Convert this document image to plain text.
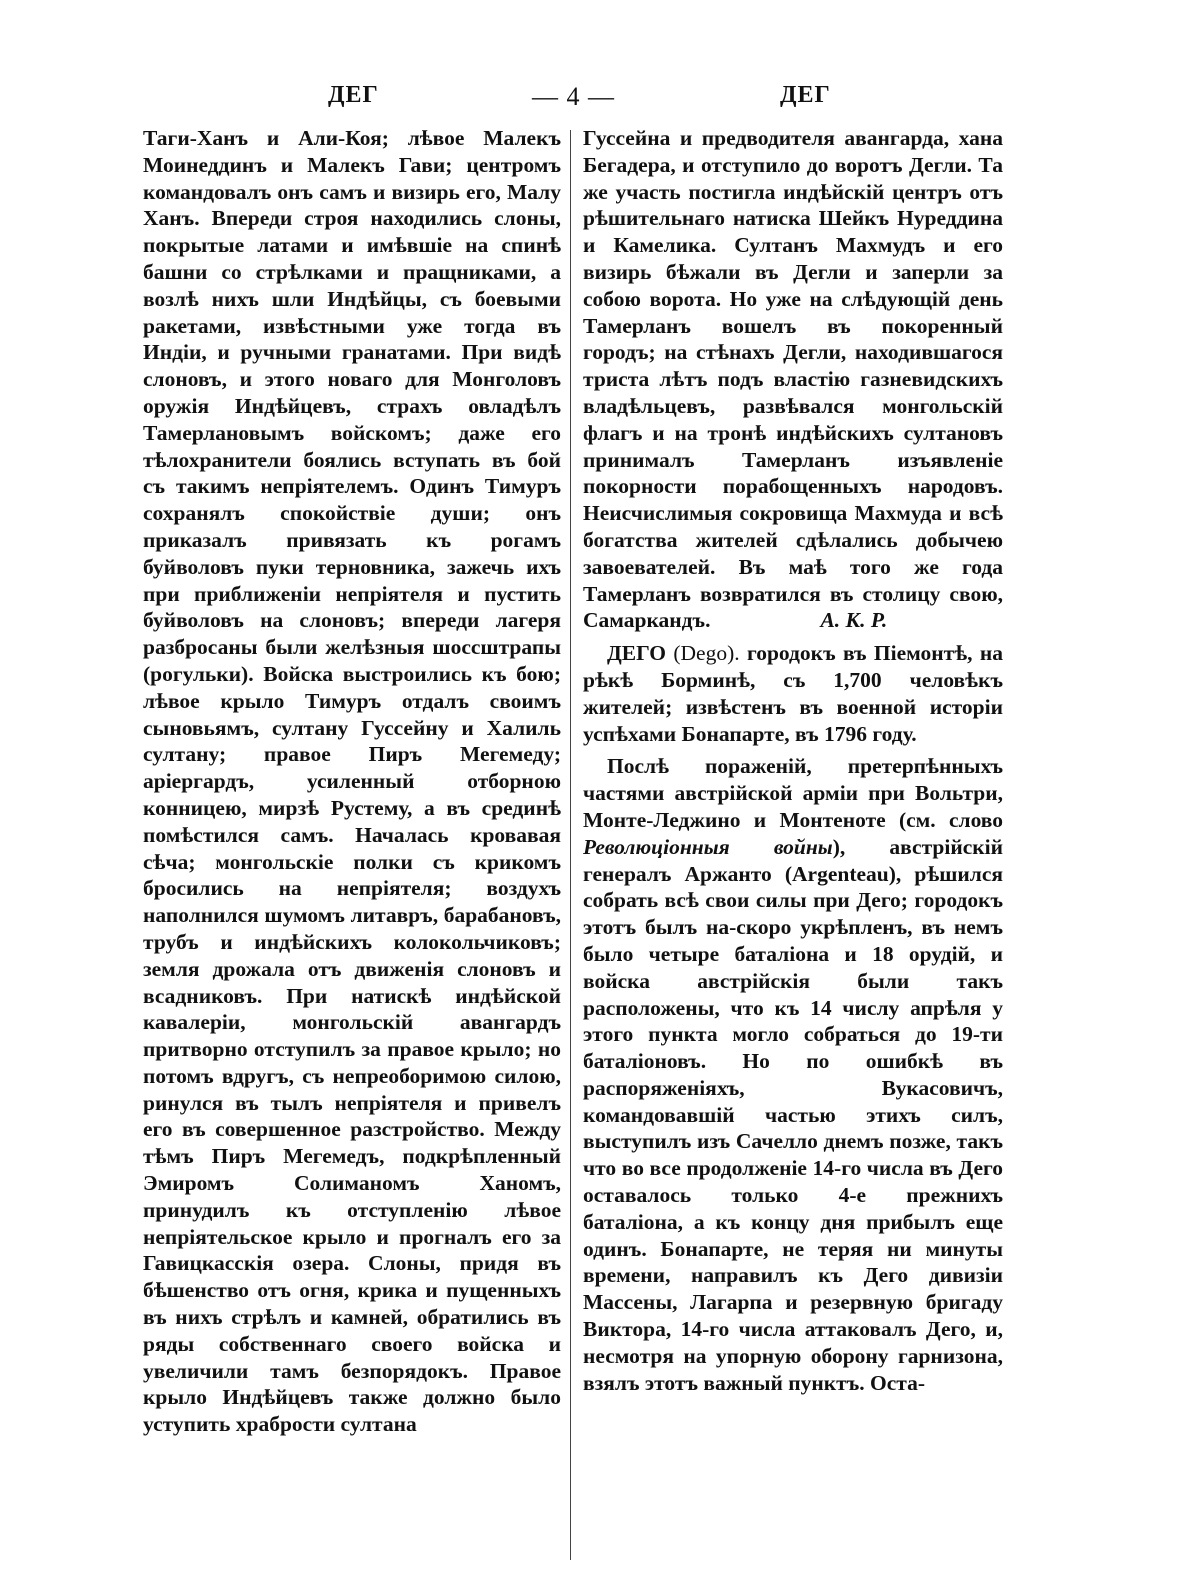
ДЕГ	— 4 —	ДЕГ

Таги-Ханъ и Али-Коя; лѣвое Малекъ Моинеддинъ и Малекъ Гави; центромъ командовалъ онъ самъ и визирь его, Малу Ханъ. Впереди строя находились слоны, покрытые латами и имѣвшіе на спинѣ башни со стрѣлками и пращниками, а возлѣ нихъ шли Индѣйцы, съ боевыми ракетами, извѣстными уже тогда въ Индіи, и ручными гранатами. При видѣ слоновъ, и этого новаго для Монголовъ оружія Индѣйцевъ, страхъ овладѣлъ Тамерлановымъ войскомъ; даже его тѣлохранители боялись вступать въ бой съ такимъ непріятелемъ. Одинъ Тимуръ сохранялъ спокойствіе души; онъ приказалъ привязать къ рогамъ буйволовъ пуки терновника, зажечь ихъ при приближеніи непріятеля и пустить буйволовъ на слоновъ; впереди лагеря разбросаны были желѣзныя шоссштрапы (рогульки). Войска выстроились къ бою; лѣвое крыло Тимуръ отдалъ своимъ сыновьямъ, султану Гуссейну и Халиль султану; правое Пиръ Мегемеду; аріергардъ, усиленный отборною конницею, мирзѣ Рустему, а въ срединѣ помѣстился самъ. Началась кровавая сѣча; монгольскіе полки съ крикомъ бросились на непріятеля; воздухъ наполнился шумомъ литавръ, барабановъ, трубъ и индѣйскихъ колокольчиковъ; земля дрожала отъ движенія слоновъ и всадниковъ. При натискѣ индѣйской кавалеріи, монгольскій авангардъ притворно отступилъ за правое крыло; но потомъ вдругъ, съ непреоборимою силою, ринулся въ тылъ непріятеля и привелъ его въ совершенное разстройство. Между тѣмъ Пиръ Мегемедъ, подкрѣпленный Эмиромъ Солиманомъ Ханомъ, принудилъ къ отступленію лѣвое непріятельское крыло и прогналъ его за Гавицкасскія озера. Слоны, придя въ бѣшенство отъ огня, крика и пущенныхъ въ нихъ стрѣлъ и камней, обратились въ ряды собственнаго своего войска и увеличили тамъ безпорядокъ. Правое крыло Индѣйцевъ также должно было уступить храбрости султана

Гуссейна и предводителя авангарда, хана Бегадера, и отступило до воротъ Дегли. Та же участь постигла индѣйскій центръ отъ рѣшительнаго натиска Шейкъ Нуреддина и Камелика. Султанъ Махмудъ и его визирь бѣжали въ Дегли и заперли за собою ворота. Но уже на слѣдующій день Тамерланъ вошелъ въ покоренный городъ; на стѣнахъ Дегли, находившагося триста лѣтъ подъ властію газневидскихъ владѣльцевъ, развѣвался монгольскій флагъ и на тронѣ индѣйскихъ султановъ принималъ Тамерланъ изъявленіе покорности порабощенныхъ народовъ. Неисчислимыя сокровища Махмуда и всѣ богатства жителей сдѣлались добычею завоевателей. Въ маѣ того же года Тамерланъ возвратился въ столицу свою, Самаркандъ.	А. К. Р.

ДЕГО (Dego). городокъ въ Піемонтѣ, на рѣкѣ Борминѣ, съ 1,700 человѣкъ жителей; извѣстенъ въ военной исторіи успѣхами Бонапарте, въ 1796 году.

Послѣ пораженій, претерпѣнныхъ частями австрійской арміи при Вольтри, Монте-Леджино и Монтеноте (см. слово Революціонныя войны), австрійскій генералъ Аржанто (Argenteau), рѣшился собрать всѣ свои силы при Дего; городокъ этотъ былъ на-скоро укрѣпленъ, въ немъ было четыре баталіона и 18 орудій, и войска австрійскія были такъ расположены, что къ 14 числу апрѣля у этого пункта могло собраться до 19-ти баталіоновъ. Но по ошибкѣ въ распоряженіяхъ, Вукасовичъ, командовавшій частью этихъ силъ, выступилъ изъ Сачелло днемъ позже, такъ что во все продолженіе 14-го числа въ Дего оставалось только 4-е прежнихъ баталіона, а къ концу дня прибылъ еще одинъ. Бонапарте, не теряя ни минуты времени, направилъ къ Дего дивизіи Массены, Лагарпа и резервную бригаду Виктора, 14-го числа аттаковалъ Дего, и, несмотря на упорную оборону гарнизона, взялъ этотъ важный пунктъ. Оста-
